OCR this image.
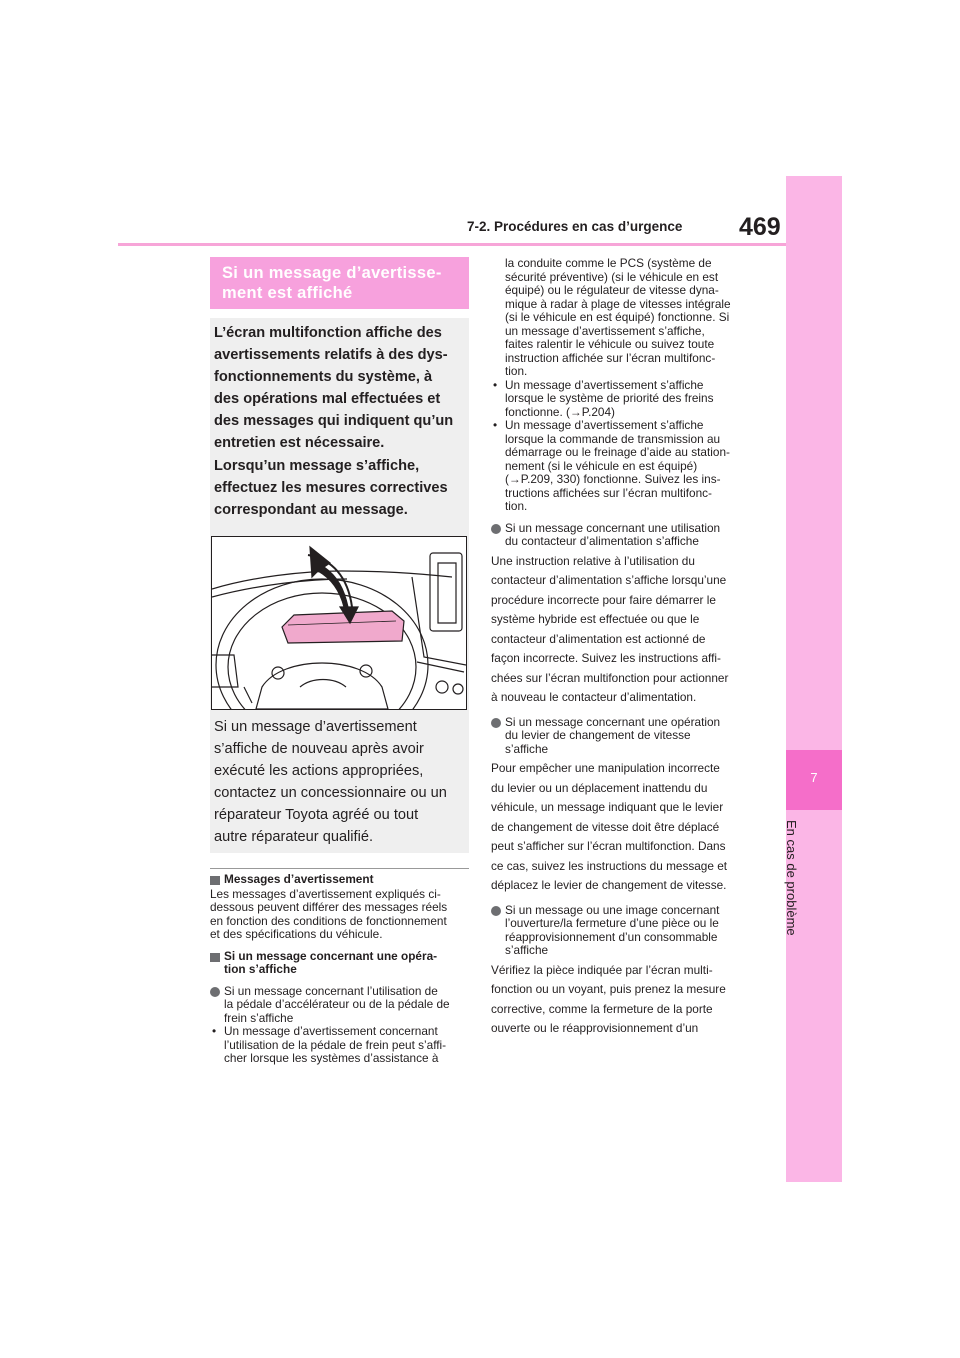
7-2. Procédures en cas d’urgence 469
7
En cas de problème
Si un message d’avertisse-
ment est affiché
L’écran multifonction affiche des
avertissements relatifs à des dys-
fonctionnements du système, à
des opérations mal effectuées et
des messages qui indiquent qu’un
entretien est nécessaire.
Lorsqu’un message s’affiche,
effectuez les mesures correctives
correspondant au message.
Si un message d’avertissement
s’affiche de nouveau après avoir
exécuté les actions appropriées,
contactez un concessionnaire ou un
réparateur Toyota agréé ou tout
autre réparateur qualifié.
Messages d’avertissement
Les messages d’avertissement expliqués ci-
dessous peuvent différer des messages réels
en fonction des conditions de fonctionnement
et des spécifications du véhicule.
Si un message concernant une opéra-
tion s’affiche
Si un message concernant l’utilisation de
la pédale d’accélérateur ou de la pédale de
frein s’affiche
• Un message d’avertissement concernant
l’utilisation de la pédale de frein peut s’affi-
cher lorsque les systèmes d’assistance à
la conduite comme le PCS (système de
sécurité préventive) (si le véhicule en est
équipé) ou le régulateur de vitesse dyna-
mique à radar à plage de vitesses intégrale
(si le véhicule en est équipé) fonctionne. Si
un message d’avertissement s’affiche,
faites ralentir le véhicule ou suivez toute
instruction affichée sur l’écran multifonc-
tion.
• Un message d’avertissement s’affiche
lorsque le système de priorité des freins
fonctionne. (→P.204)
• Un message d’avertissement s’affiche
lorsque la commande de transmission au
démarrage ou le freinage d’aide au station-
nement (si le véhicule en est équipé)
(→P.209, 330) fonctionne. Suivez les ins-
tructions affichées sur l’écran multifonc-
tion.
Si un message concernant une utilisation
du contacteur d’alimentation s’affiche
Une instruction relative à l’utilisation du
contacteur d’alimentation s’affiche lorsqu’une
procédure incorrecte pour faire démarrer le
système hybride est effectuée ou que le
contacteur d’alimentation est actionné de
façon incorrecte. Suivez les instructions affi-
chées sur l’écran multifonction pour actionner
à nouveau le contacteur d’alimentation.
Si un message concernant une opération
du levier de changement de vitesse
s’affiche
Pour empêcher une manipulation incorrecte
du levier ou un déplacement inattendu du
véhicule, un message indiquant que le levier
de changement de vitesse doit être déplacé
peut s’afficher sur l’écran multifonction. Dans
ce cas, suivez les instructions du message et
déplacez le levier de changement de vitesse.
Si un message ou une image concernant
l’ouverture/la fermeture d’une pièce ou le
réapprovisionnement d’un consommable
s’affiche
Vérifiez la pièce indiquée par l’écran multi-
fonction ou un voyant, puis prenez la mesure
corrective, comme la fermeture de la porte
ouverte ou le réapprovisionnement d’un
